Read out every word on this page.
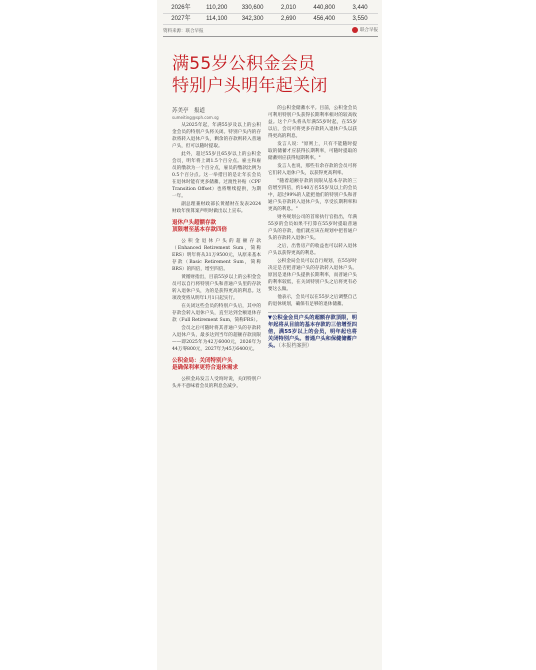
2026年	110,200	330,600	2,010	440,800	3,440
2027年	114,100	342,300	2,690	456,400	3,550
资料来源：联合早报	联合早报
满55岁公积金会员
特别户头明年起关闭
苏美亭　报道
sumeiting@sph.com.sg

从2025年起，年满55岁及以上的公积金会员的特别户头将关闭。特别户头内的存款将转入退休户头，剩余的存款则转入普通户头，但可以随时提取。

此外，超过55岁且65岁以上的公积金会员，明年将上调1.5个百分点。雇主和雇员的缴款为一个百分点，雇员的缴款比例为0.5个百分点。这一举措目的是让年长会员在退休时能有更多储蓄。过渡性补贴（CPF Transition Offset）也将继续提供，为期一年。

副总理兼财政部长黄循财在发表2024财政年预算案声明时做出以上宣布。

退休户头超额存款
顶限增至基本存款四倍

公积金退休户头的超额存款（Enhanced Retirement Sum，简称ERS）明年将从31万9500元，从原来基本存款（Basic Retirement Sum，简称BRS）的四倍，增至四倍。

黄循财指出，目前55岁以上的公积金会员可以自行将特别户头和普通户头里的存款转入退休户头，为的是获得更高的利息。这项改变将从明年1月1日起实行。

在关闭这些会员的特别户头后，其中的存款会转入退休户头，直至达到全额退休存款（Full Retirement Sum，简称FRS）。

会员之后可随时将其普通户头的存款转入退休户头，最多达到当年的超额存款顶限——即2025年为42万6000元，2026年为44万零800元，2027年为45万6400元。

公积金局：关闭特别户头
是确保利率更符合退休需求

公积金局发言人受询时说，关闭特别户头并不意味着会员的利息会减少。

的公积金储蓄水平。目前，公积金会员可利用特别户头获得长期利率相对的较高收益。这个户头将从年满55岁时起，在55岁以后，会员可将更多存款转入退休户头以获得更高的利息。

发言人说："原则上，只有不能随时提取的储蓄才应获得长期利率，可随时提取的储蓄则应获得短期利率。"

发言人也说，那些有余存款的会员可将它们转入退休户头，以获得更高利率。

"随着超额存款的顶限从基本存款的三倍增至四倍，约140万名55岁及以上的会员中，超过99%的人能把他们的特别户头和普通户头存款转入退休户头，享受长期利率和更高的利息。"

财务规划公司的首席执行官指出，年满55岁的会员如果不打算在55岁时提取普通户头的存款，他们就应该在规划中把普通户头的存款转入退休户头。

之后，出售房产的收益也可以转入退休户头以获得更高的利息。

公积金局会员可以自行规划，在55岁时决定是否把普通户头的存款转入退休户头。原因是退休户头提供长期利率，而普通户头的利率较低，在关闭特别户头之后将更有必要这么做。

他表示，会员可以在55岁之后调整自己的退休规划，确保有足够的退休储蓄。

▼公积金会员户头的超额存款顶限，明年起将从目前的基本存款的三倍增至四倍，满55岁以上的会员，明年起也将关闭特别户头。普通户头和保健储蓄户头。（本报档案照）
